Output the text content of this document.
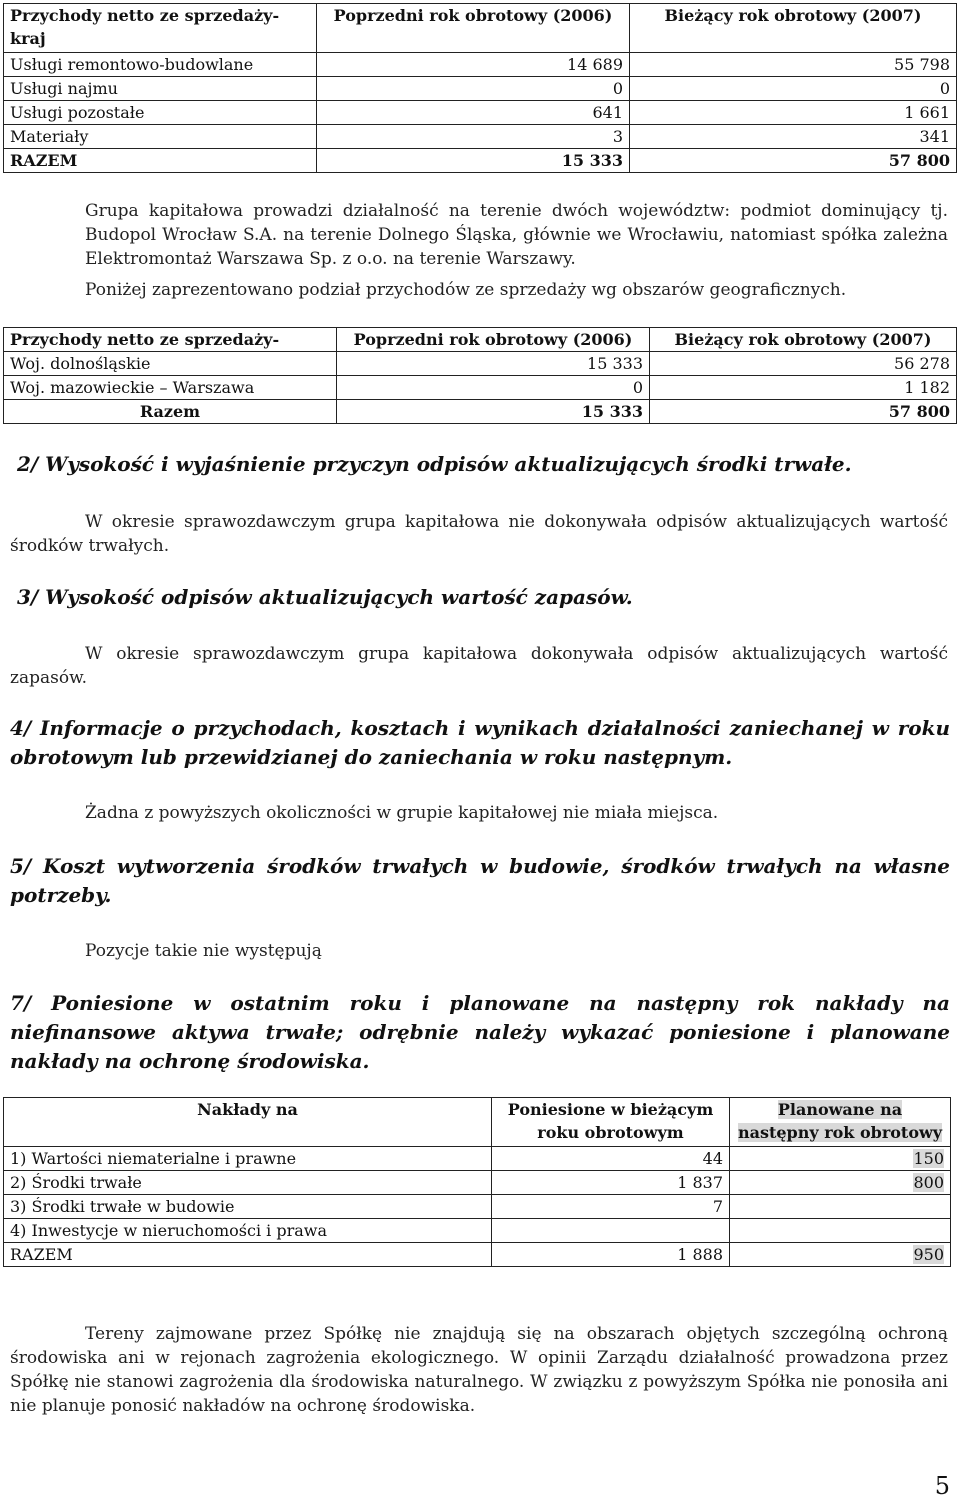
Przychody netto ze sprzedaży-kraj	Poprzedni rok obrotowy (2006)	Bieżący rok obrotowy (2007)
Usługi remontowo-budowlane	14 689	55 798
Usługi najmu	0	0
Usługi pozostałe	641	1 661
Materiały	3	341
RAZEM	15 333	57 800
Grupa kapitałowa prowadzi działalność na terenie dwóch województw: podmiot dominujący tj. Budopol Wrocław S.A. na terenie Dolnego Śląska, głównie we Wrocławiu, natomiast spółka zależna Elektromontaż Warszawa Sp. z o.o. na terenie Warszawy.
Poniżej zaprezentowano podział przychodów ze sprzedaży wg obszarów geograficznych.
Przychody netto ze sprzedaży-	Poprzedni rok obrotowy (2006)	Bieżący rok obrotowy (2007)
Woj. dolnośląskie	15 333	56 278
Woj. mazowieckie – Warszawa	0	1 182
Razem	15 333	57 800
2/ Wysokość i wyjaśnienie przyczyn odpisów aktualizujących środki trwałe.
W okresie sprawozdawczym grupa kapitałowa nie dokonywała odpisów aktualizujących wartość środków trwałych.
3/ Wysokość odpisów aktualizujących wartość zapasów.
W okresie sprawozdawczym grupa kapitałowa dokonywała odpisów aktualizujących wartość zapasów.
4/ Informacje o przychodach, kosztach i wynikach działalności zaniechanej w roku obrotowym lub przewidzianej do zaniechania w roku następnym.
Żadna z powyższych okoliczności w grupie kapitałowej nie miała miejsca.
5/ Koszt wytworzenia środków trwałych w budowie, środków trwałych na własne potrzeby.
Pozycje takie nie występują
7/ Poniesione w ostatnim roku i planowane na następny rok nakłady na niefinansowe aktywa trwałe; odrębnie należy wykazać poniesione i planowane nakłady na ochronę środowiska.
Nakłady na	Poniesione w bieżącym roku obrotowym	Planowane na następny rok obrotowy
1) Wartości niematerialne i prawne	44	150
2) Środki trwałe	1 837	800
3) Środki trwałe w budowie	7	
4) Inwestycje w nieruchomości i prawa		
RAZEM	1 888	950
Tereny zajmowane przez Spółkę nie znajdują się na obszarach objętych szczególną ochroną środowiska ani w rejonach zagrożenia ekologicznego. W opinii Zarządu działalność prowadzona przez Spółkę nie stanowi zagrożenia dla środowiska naturalnego. W związku z powyższym Spółka nie ponosiła ani nie planuje ponosić nakładów na ochronę środowiska.
5
